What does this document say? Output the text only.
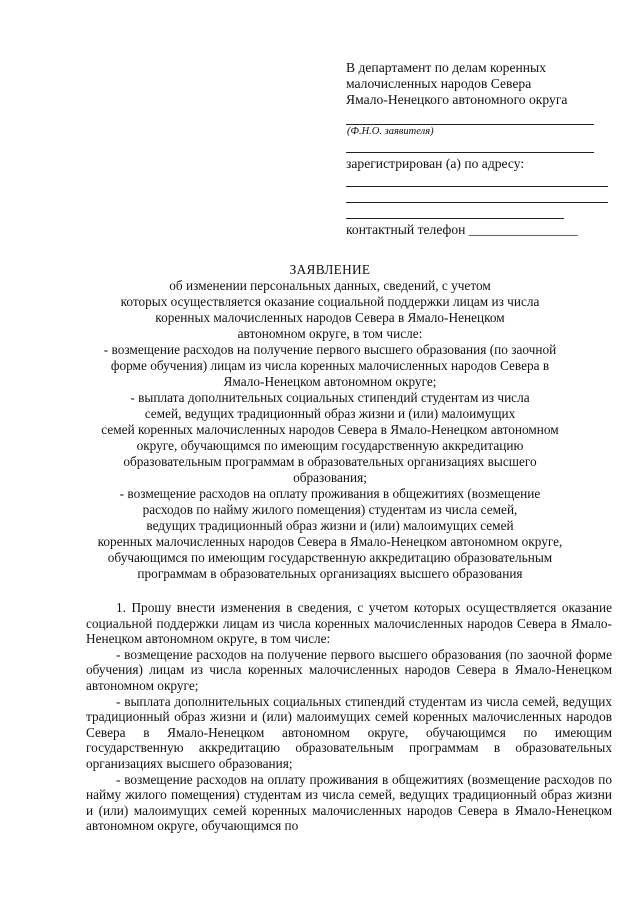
В департамент по делам коренных
малочисленных народов Севера
Ямало-Ненецкого автономного округа
(Ф.Н.О. заявителя)
зарегистрирован (а) по адресу:
контактный телефон ________________
ЗАЯВЛЕНИЕ
об изменении персональных данных, сведений, с учетом
которых осуществляется оказание социальной поддержки лицам из числа
коренных малочисленных народов Севера в Ямало-Ненецком
автономном округе, в том числе:
- возмещение расходов на получение первого высшего образования (по заочной
форме обучения) лицам из числа коренных малочисленных народов Севера в
Ямало-Ненецком автономном округе;
- выплата дополнительных социальных стипендий студентам из числа
семей, ведущих традиционный образ жизни и (или) малоимущих
семей коренных малочисленных народов Севера в Ямало-Ненецком автономном
округе, обучающимся по имеющим государственную аккредитацию
образовательным программам в образовательных организациях высшего
образования;
- возмещение расходов на оплату проживания в общежитиях (возмещение
расходов по найму жилого помещения) студентам из числа семей,
ведущих традиционный образ жизни и (или) малоимущих семей
коренных малочисленных народов Севера в Ямало-Ненецком автономном округе,
обучающимся по имеющим государственную аккредитацию образовательным
программам в образовательных организациях высшего образования

1. Прошу внести изменения в сведения, с учетом которых осуществляется оказание социальной поддержки лицам из числа коренных малочисленных народов Севера в Ямало-Ненецком автономном округе, в том числе:

- возмещение расходов на получение первого высшего образования (по заочной форме обучения) лицам из числа коренных малочисленных народов Севера в Ямало-Ненецком автономном округе;

- выплата дополнительных социальных стипендий студентам из числа семей, ведущих традиционный образ жизни и (или) малоимущих семей коренных малочисленных народов Севера в Ямало-Ненецком автономном округе, обучающимся по имеющим государственную аккредитацию образовательным программам в образовательных организациях высшего образования;

- возмещение расходов на оплату проживания в общежитиях (возмещение расходов по найму жилого помещения) студентам из числа семей, ведущих традиционный образ жизни и (или) малоимущих семей коренных малочисленных народов Севера в Ямало-Ненецком автономном округе, обучающимся по
